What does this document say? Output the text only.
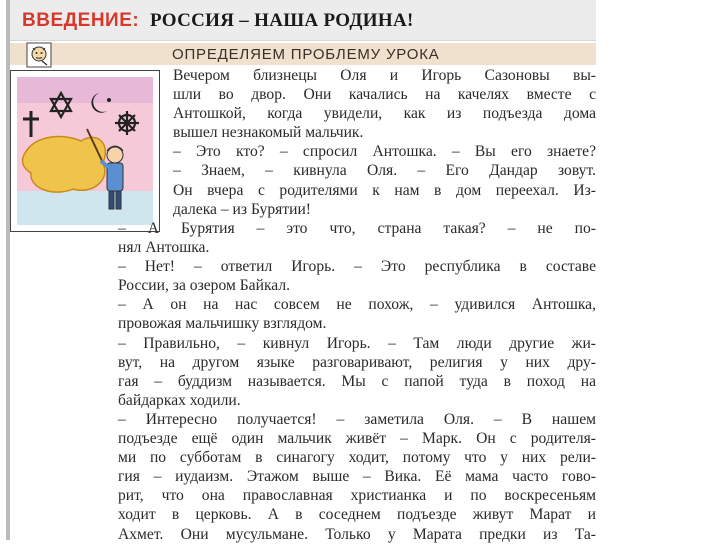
ВВЕДЕНИЕ: РОССИЯ – НАША РОДИНА!
ОПРЕДЕЛЯЕМ ПРОБЛЕМУ УРОКА
Вечером близнецы Оля и Игорь Сазоновы вы-
шли во двор. Они качались на качелях вместе с
Антошкой, когда увидели, как из подъезда дома
вышел незнакомый мальчик.
– Это кто? – спросил Антошка. – Вы его знаете?
– Знаем, – кивнула Оля. – Его Дандар зовут.
Он вчера с родителями к нам в дом переехал. Из-
далека – из Бурятии!
– А Бурятия – это что, страна такая? – не по-
нял Антошка.
– Нет! – ответил Игорь. – Это республика в составе
России, за озером Байкал.
– А он на нас совсем не похож, – удивился Антошка,
провожая мальчишку взглядом.
– Правильно, – кивнул Игорь. – Там люди другие жи-
вут, на другом языке разговаривают, религия у них дру-
гая – буддизм называется. Мы с папой туда в поход на
байдарках ходили.
– Интересно получается! – заметила Оля. – В нашем
подъезде ещё один мальчик живёт – Марк. Он с родителя-
ми по субботам в синагогу ходит, потому что у них рели-
гия – иудаизм. Этажом выше – Вика. Её мама часто гово-
рит, что она православная христианка и по воскресеньям
ходит в церковь. А в соседнем подъезде живут Марат и
Ахмет. Они мусульмане. Только у Марата предки из Та-
